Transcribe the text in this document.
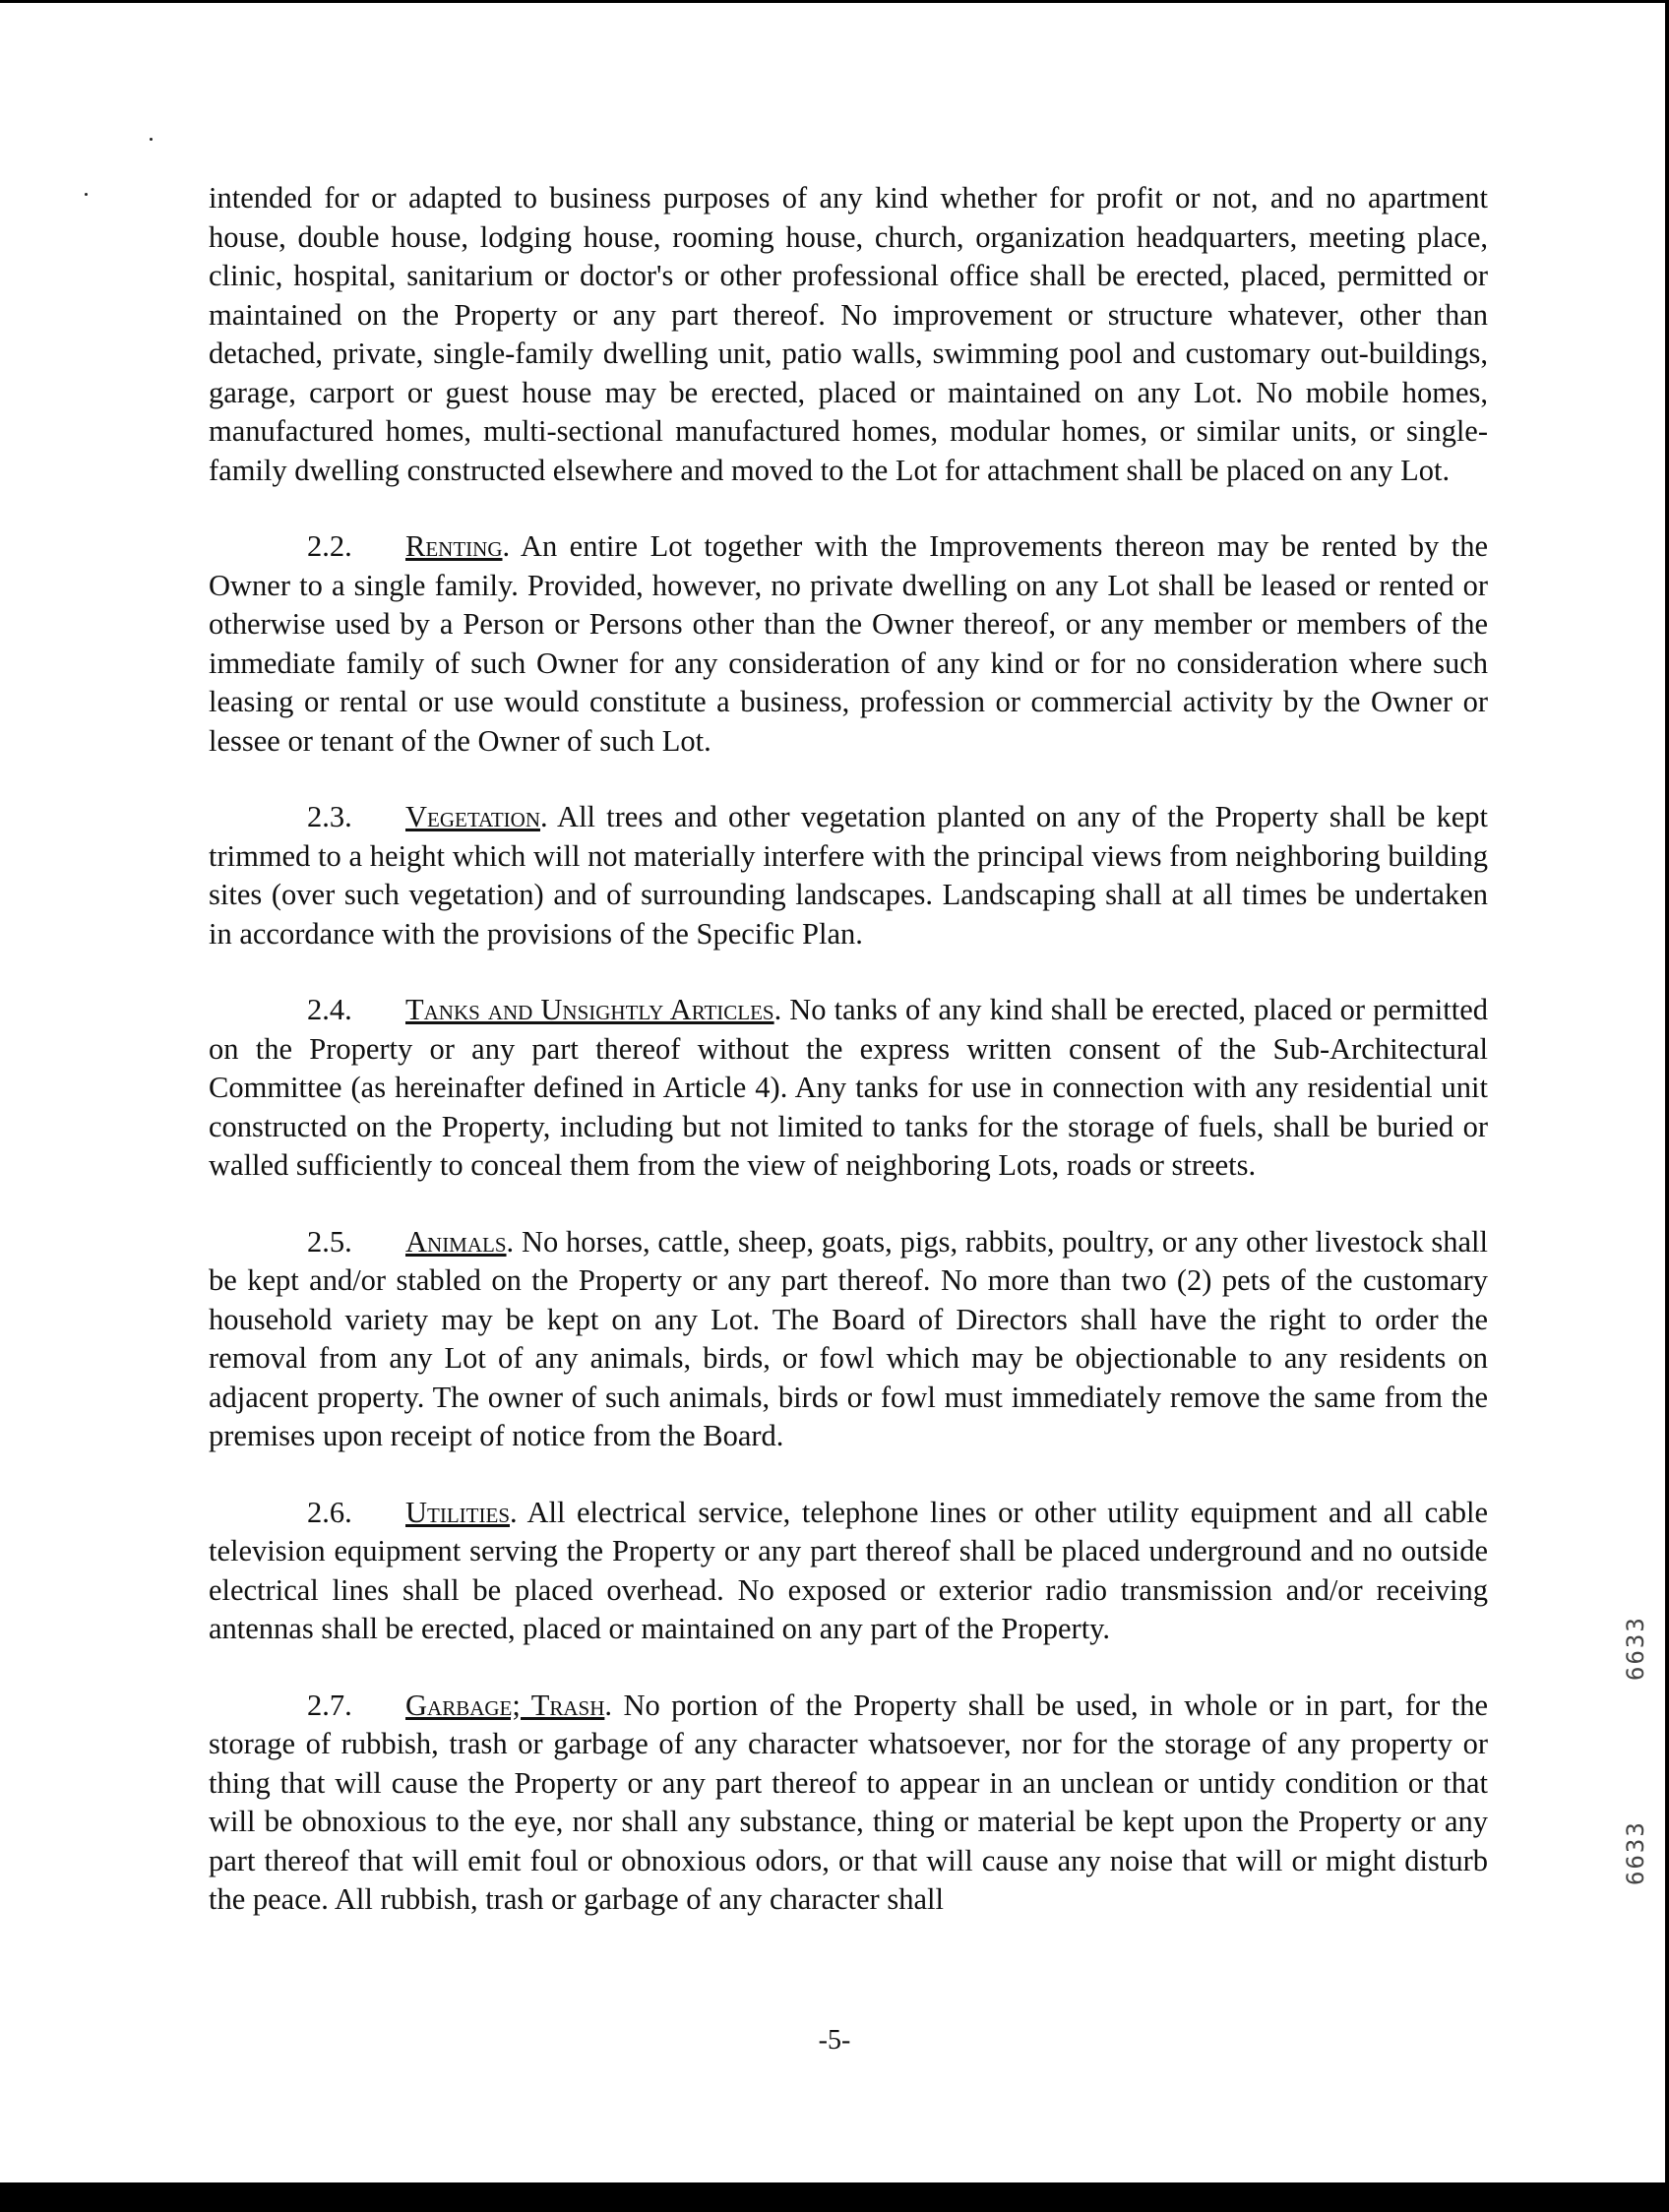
intended for or adapted to business purposes of any kind whether for profit or not, and no apartment house, double house, lodging house, rooming house, church, organization headquarters, meeting place, clinic, hospital, sanitarium or doctor's or other professional office shall be erected, placed, permitted or maintained on the Property or any part thereof. No improvement or structure whatever, other than detached, private, single-family dwelling unit, patio walls, swimming pool and customary out-buildings, garage, carport or guest house may be erected, placed or maintained on any Lot. No mobile homes, manufactured homes, multi-sectional manufactured homes, modular homes, or similar units, or single-family dwelling constructed elsewhere and moved to the Lot for attachment shall be placed on any Lot.

2.2. Renting. An entire Lot together with the Improvements thereon may be rented by the Owner to a single family. Provided, however, no private dwelling on any Lot shall be leased or rented or otherwise used by a Person or Persons other than the Owner thereof, or any member or members of the immediate family of such Owner for any consideration of any kind or for no consideration where such leasing or rental or use would constitute a business, profession or commercial activity by the Owner or lessee or tenant of the Owner of such Lot.

2.3. Vegetation. All trees and other vegetation planted on any of the Property shall be kept trimmed to a height which will not materially interfere with the principal views from neighboring building sites (over such vegetation) and of surrounding landscapes. Landscaping shall at all times be undertaken in accordance with the provisions of the Specific Plan.

2.4. Tanks and Unsightly Articles. No tanks of any kind shall be erected, placed or permitted on the Property or any part thereof without the express written consent of the Sub-Architectural Committee (as hereinafter defined in Article 4). Any tanks for use in connection with any residential unit constructed on the Property, including but not limited to tanks for the storage of fuels, shall be buried or walled sufficiently to conceal them from the view of neighboring Lots, roads or streets.

2.5. Animals. No horses, cattle, sheep, goats, pigs, rabbits, poultry, or any other livestock shall be kept and/or stabled on the Property or any part thereof. No more than two (2) pets of the customary household variety may be kept on any Lot. The Board of Directors shall have the right to order the removal from any Lot of any animals, birds, or fowl which may be objectionable to any residents on adjacent property. The owner of such animals, birds or fowl must immediately remove the same from the premises upon receipt of notice from the Board.

2.6. Utilities. All electrical service, telephone lines or other utility equipment and all cable television equipment serving the Property or any part thereof shall be placed underground and no outside electrical lines shall be placed overhead. No exposed or exterior radio transmission and/or receiving antennas shall be erected, placed or maintained on any part of the Property.

2.7. Garbage; Trash. No portion of the Property shall be used, in whole or in part, for the storage of rubbish, trash or garbage of any character whatsoever, nor for the storage of any property or thing that will cause the Property or any part thereof to appear in an unclean or untidy condition or that will be obnoxious to the eye, nor shall any substance, thing or material be kept upon the Property or any part thereof that will emit foul or obnoxious odors, or that will cause any noise that will or might disturb the peace. All rubbish, trash or garbage of any character shall

-5-
6633
6633
